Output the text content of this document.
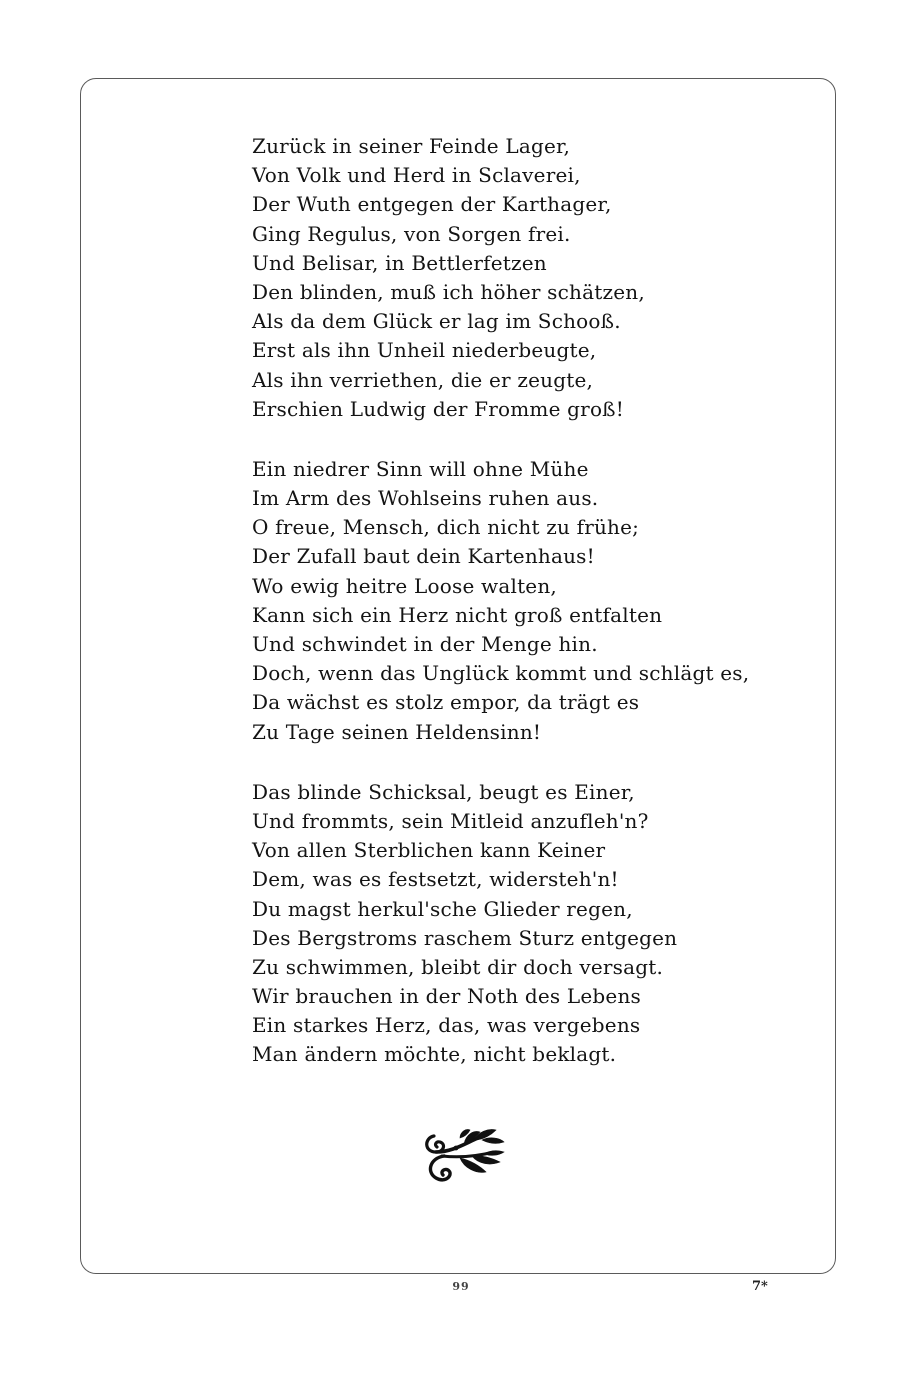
Zurück in seiner Feinde Lager,
Von Volk und Herd in Sclaverei,
Der Wuth entgegen der Karthager,
Ging Regulus, von Sorgen frei.
Und Belisar, in Bettlerfetzen
Den blinden, muß ich höher schätzen,
Als da dem Glück er lag im Schooß.
Erst als ihn Unheil niederbeugte,
Als ihn verriethen, die er zeugte,
Erschien Ludwig der Fromme groß!
Ein niedrer Sinn will ohne Mühe
Im Arm des Wohlseins ruhen aus.
O freue, Mensch, dich nicht zu frühe;
Der Zufall baut dein Kartenhaus!
Wo ewig heitre Loose walten,
Kann sich ein Herz nicht groß entfalten
Und schwindet in der Menge hin.
Doch, wenn das Unglück kommt und schlägt es,
Da wächst es stolz empor, da trägt es
Zu Tage seinen Heldensinn!
Das blinde Schicksal, beugt es Einer,
Und frommts, sein Mitleid anzufleh'n?
Von allen Sterblichen kann Keiner
Dem, was es festsetzt, widersteh'n!
Du magst herkul'sche Glieder regen,
Des Bergstroms raschem Sturz entgegen
Zu schwimmen, bleibt dir doch versagt.
Wir brauchen in der Noth des Lebens
Ein starkes Herz, das, was vergebens
Man ändern möchte, nicht beklagt.
99	7*
